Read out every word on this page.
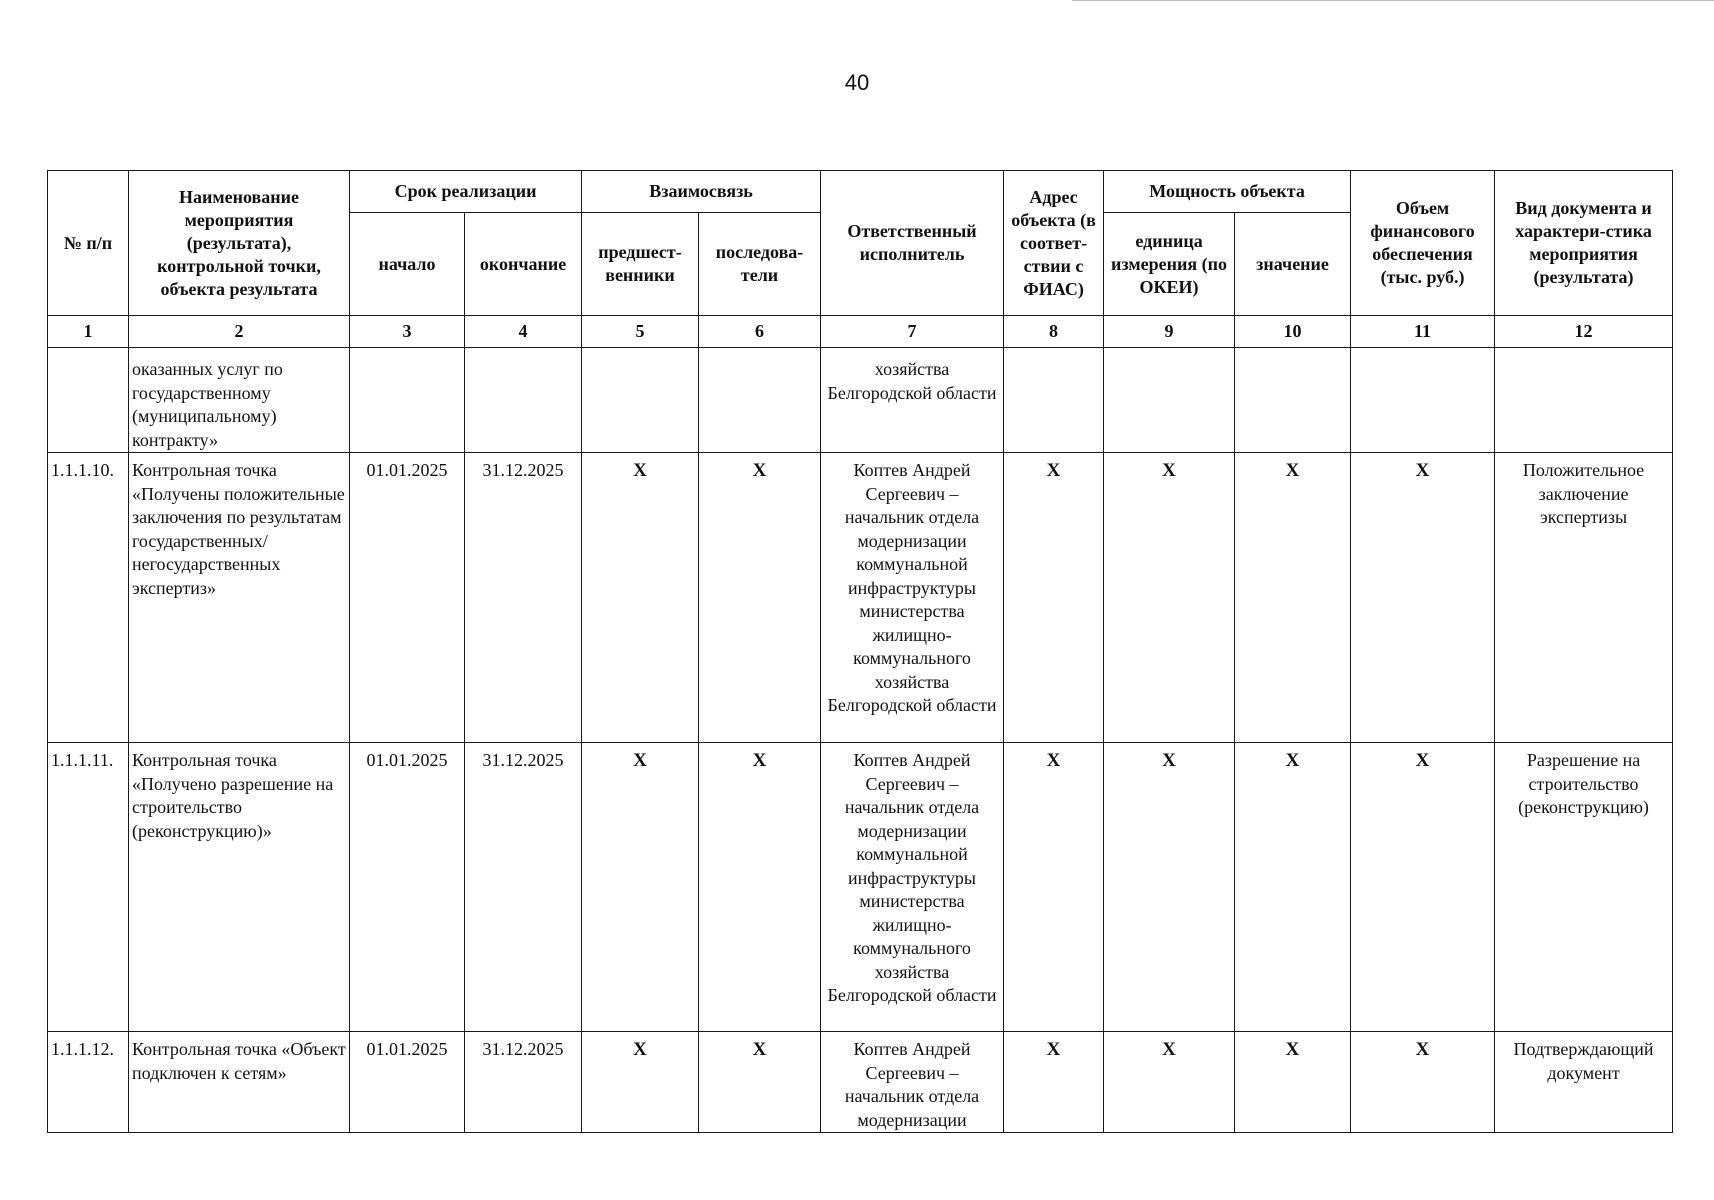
40
№ п/п	Наименование мероприятия (результата), контрольной точки, объекта результата	Срок реализации		Взаимосвязь		Ответственный исполнитель	Адрес объекта (в соответ-ствии с ФИАС)	Мощность объекта		Объем финансового обеспечения (тыс. руб.)	Вид документа и характери-стика мероприятия (результата)
		начало	окончание	предшест-венники	последова-тели			единица измерения (по ОКЕИ)	значение		
1	2	3	4	5	6	7	8	9	10	11	12
	оказанных услуг по государственному (муниципальному) контракту»					хозяйства Белгородской области					
1.1.1.10.	Контрольная точка «Получены положительные заключения по результатам государственных/ негосударственных экспертиз»	01.01.2025	31.12.2025	X	X	Коптев Андрей Сергеевич – начальник отдела модернизации коммунальной инфраструктуры министерства жилищно-коммунального хозяйства Белгородской области	X	X	X	X	Положительное заключение экспертизы
1.1.1.11.	Контрольная точка «Получено разрешение на строительство (реконструкцию)»	01.01.2025	31.12.2025	X	X	Коптев Андрей Сергеевич – начальник отдела модернизации коммунальной инфраструктуры министерства жилищно-коммунального хозяйства Белгородской области	X	X	X	X	Разрешение на строительство (реконструкцию)
1.1.1.12.	Контрольная точка «Объект подключен к сетям»	01.01.2025	31.12.2025	X	X	Коптев Андрей Сергеевич – начальник отдела модернизации	X	X	X	X	Подтверждающий документ
